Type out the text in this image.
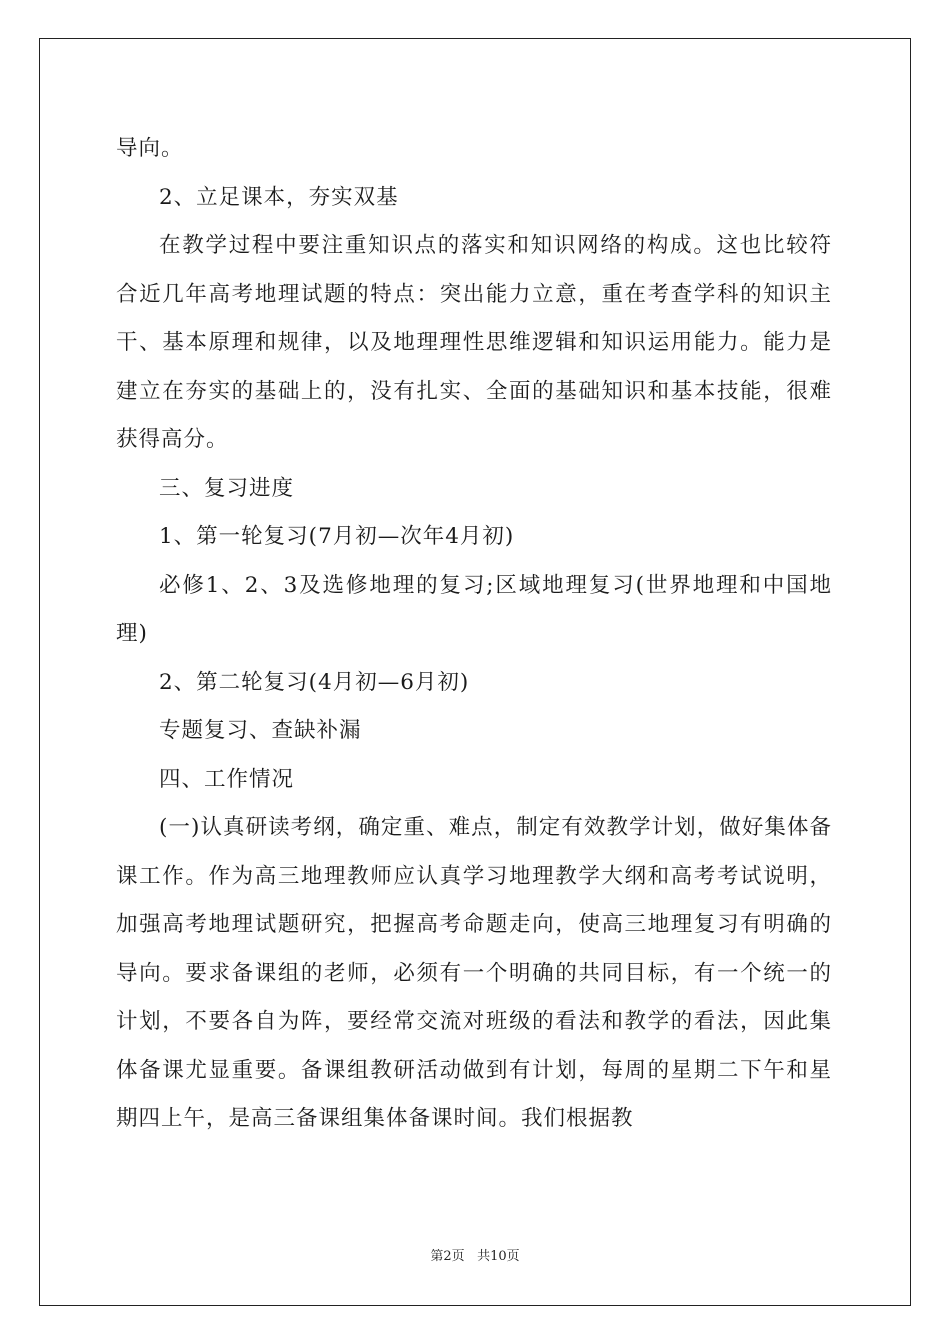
导向。

2、立足课本，夯实双基

在教学过程中要注重知识点的落实和知识网络的构成。这也比较符合近几年高考地理试题的特点：突出能力立意，重在考查学科的知识主干、基本原理和规律，以及地理理性思维逻辑和知识运用能力。能力是建立在夯实的基础上的，没有扎实、全面的基础知识和基本技能，很难获得高分。

三、复习进度

1、第一轮复习(7月初—次年4月初)

必修1、2、3及选修地理的复习;区域地理复习(世界地理和中国地理)

2、第二轮复习(4月初—6月初)

专题复习、查缺补漏

四、工作情况

(一)认真研读考纲，确定重、难点，制定有效教学计划，做好集体备课工作。作为高三地理教师应认真学习地理教学大纲和高考考试说明，加强高考地理试题研究，把握高考命题走向，使高三地理复习有明确的导向。要求备课组的老师，必须有一个明确的共同目标，有一个统一的计划，不要各自为阵，要经常交流对班级的看法和教学的看法，因此集体备课尤显重要。备课组教研活动做到有计划，每周的星期二下午和星期四上午，是高三备课组集体备课时间。我们根据教

第2页 共10页
